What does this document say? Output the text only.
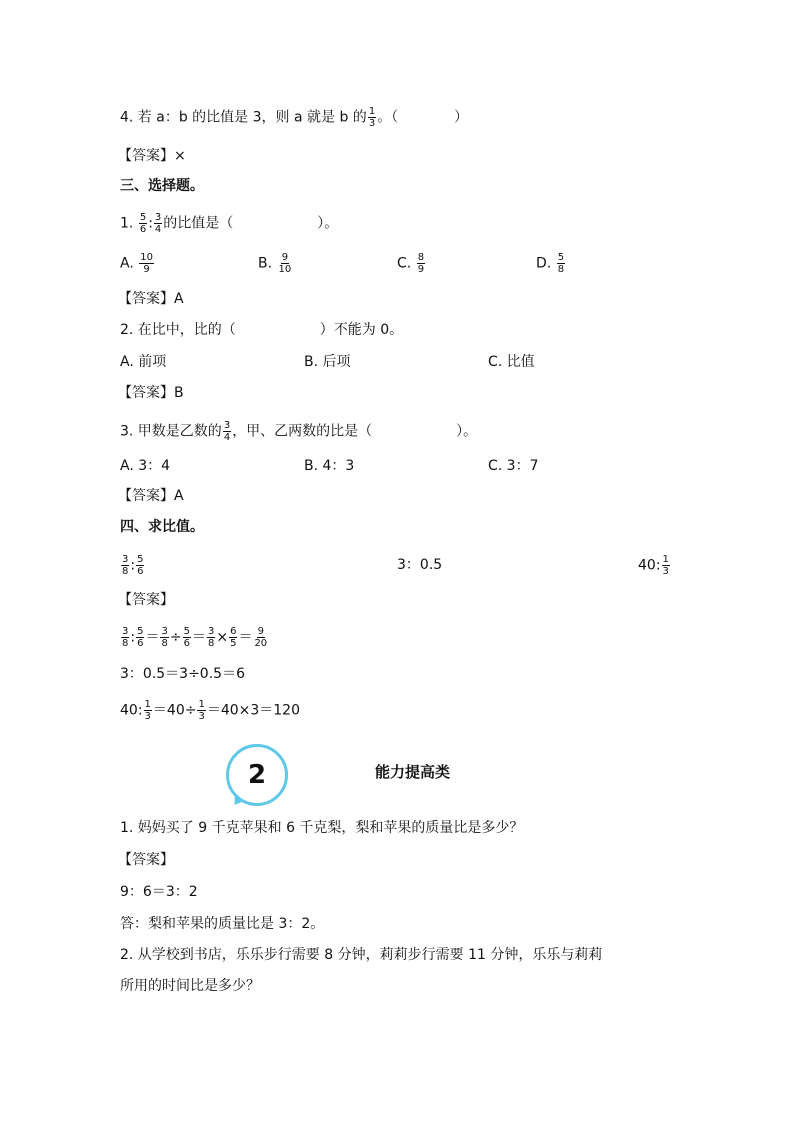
4. 若 a：b 的比值是 3，则 a 就是 b 的 $\frac{1}{3}$ 。（　　　　）
【答案】×
三、选择题。
1. $\frac{5}{6}$ : $\frac{3}{4}$ 的比值是（　　　　　　）。
A. $\frac{10}{9}$	B. $\frac{9}{10}$	C. $\frac{8}{9}$	D. $\frac{5}{8}$
【答案】A
2. 在比中，比的（　　　　　　）不能为 0。
A. 前项	B. 后项	C. 比值
【答案】B
3. 甲数是乙数的 $\frac{3}{4}$ ，甲、乙两数的比是（　　　　　　）。
A. 3：4	B. 4：3	C. 3：7
【答案】A
四、求比值。
$\frac{3}{8}$ : $\frac{5}{6}$	3：0.5	40: $\frac{1}{3}$
【答案】
$\frac{3}{8}$ : $\frac{5}{6} = \frac{3}{8} \div \frac{5}{6} = \frac{3}{8} \times \frac{6}{5} = \frac{9}{20}$
3：0.5＝3÷0.5＝6
40: $\frac{1}{3} =40\div \frac{1}{3} =40\times 3=120$
2	能力提高类
1. 妈妈买了 9 千克苹果和 6 千克梨，梨和苹果的质量比是多少？
【答案】
9：6＝3：2
答：梨和苹果的质量比是 3：2。
2. 从学校到书店，乐乐步行需要 8 分钟，莉莉步行需要 11 分钟，乐乐与莉莉
所用的时间比是多少？
